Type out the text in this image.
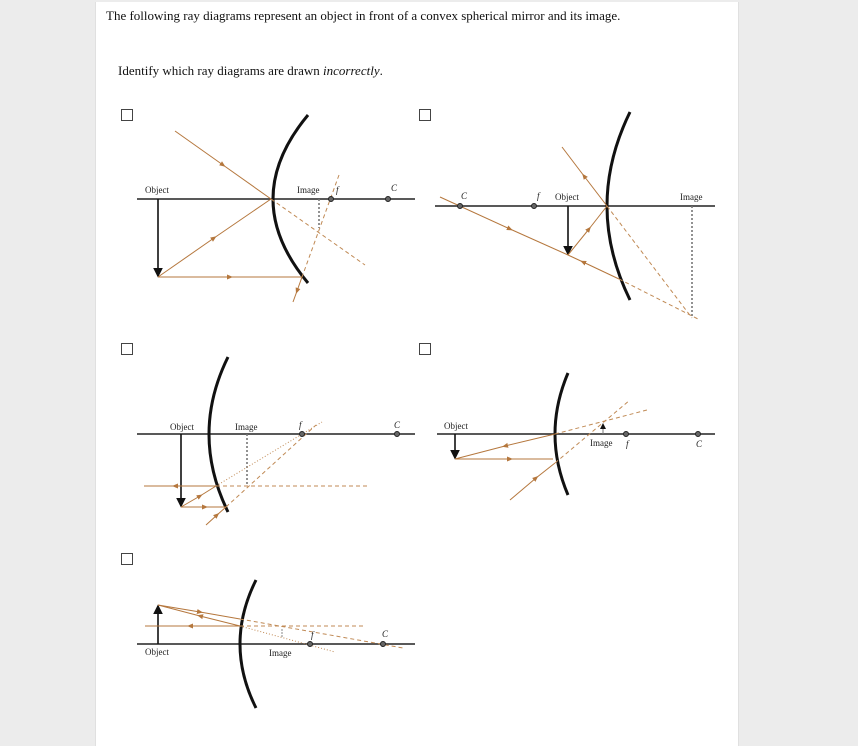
The following ray diagrams represent an object in front of a convex spherical mirror and its image.
Identify which ray diagrams are drawn incorrectly.
Object	Image f	C
C	f Object	Image
Object	Image	f	C	Object
Image f	C
Object	Image
f	C
